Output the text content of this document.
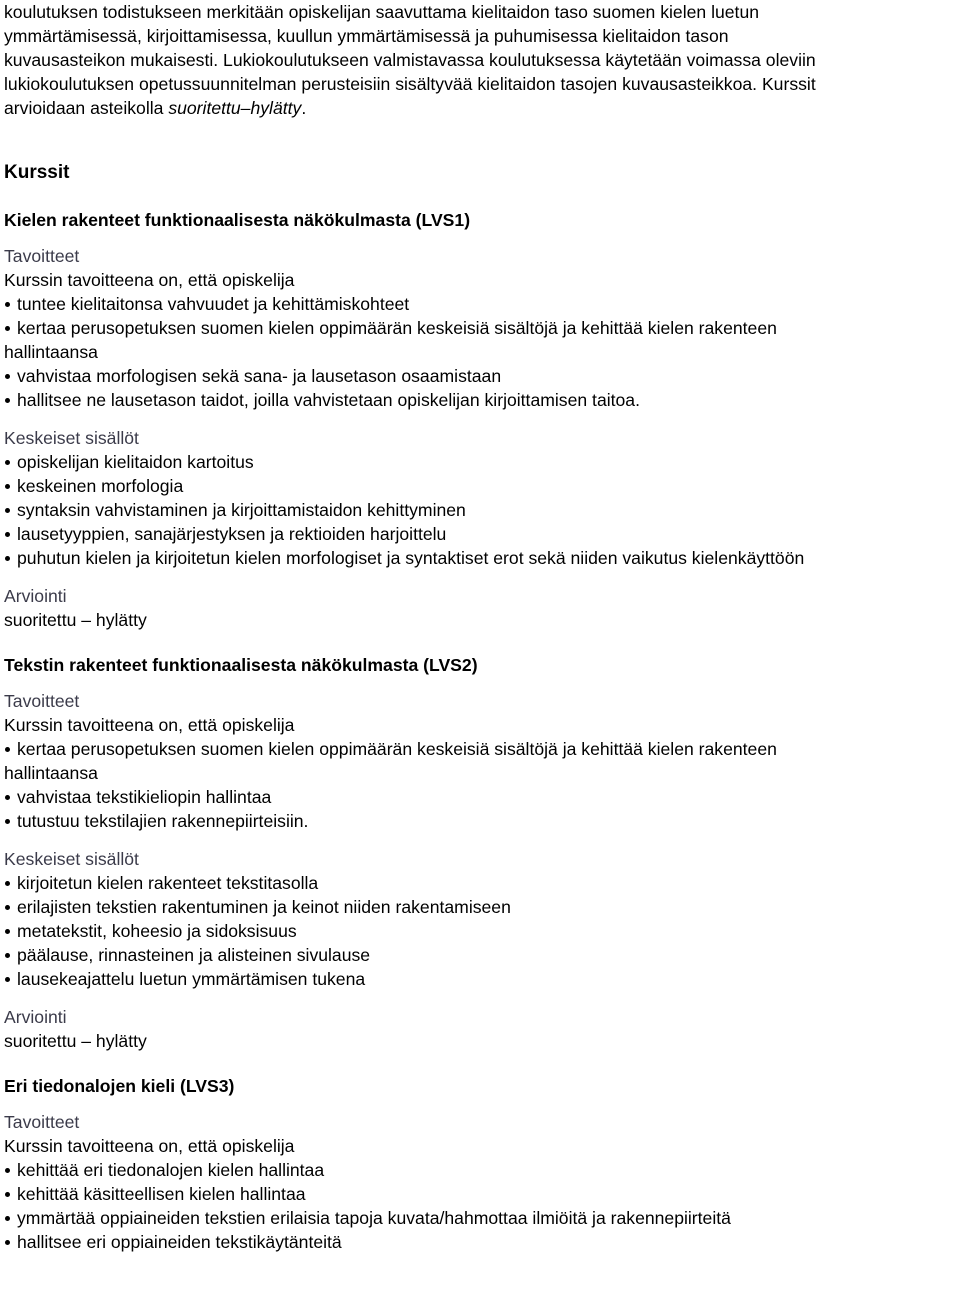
koulutuksen todistukseen merkitään opiskelijan saavuttama kielitaidon taso suomen kielen luetun
ymmärtämisessä, kirjoittamisessa, kuullun ymmärtämisessä ja puhumisessa kielitaidon tason
kuvausasteikon mukaisesti. Lukiokoulutukseen valmistavassa koulutuksessa käytetään voimassa oleviin
lukiokoulutuksen opetussuunnitelman perusteisiin sisältyvää kielitaidon tasojen kuvausasteikkoa. Kurssit
arvioidaan asteikolla suoritettu–hylätty.
Kurssit
Kielen rakenteet funktionaalisesta näkökulmasta (LVS1)

Tavoitteet

Kurssin tavoitteena on, että opiskelija

tuntee kielitaitonsa vahvuudet ja kehittämiskohteet
kertaa perusopetuksen suomen kielen oppimäärän keskeisiä sisältöjä ja kehittää kielen rakenteen
hallintaansa
vahvistaa morfologisen sekä sana- ja lausetason osaamistaan
hallitsee ne lausetason taidot, joilla vahvistetaan opiskelijan kirjoittamisen taitoa.

Keskeiset sisällöt

opiskelijan kielitaidon kartoitus
keskeinen morfologia
syntaksin vahvistaminen ja kirjoittamistaidon kehittyminen
lausetyyppien, sanajärjestyksen ja rektioiden harjoittelu
puhutun kielen ja kirjoitetun kielen morfologiset ja syntaktiset erot sekä niiden vaikutus kielenkäyttöön

Arviointi

suoritettu – hylätty

Tekstin rakenteet funktionaalisesta näkökulmasta (LVS2)

Tavoitteet

Kurssin tavoitteena on, että opiskelija

kertaa perusopetuksen suomen kielen oppimäärän keskeisiä sisältöjä ja kehittää kielen rakenteen
hallintaansa
vahvistaa tekstikieliopin hallintaa
tutustuu tekstilajien rakennepiirteisiin.

Keskeiset sisällöt

kirjoitetun kielen rakenteet tekstitasolla
erilajisten tekstien rakentuminen ja keinot niiden rakentamiseen
metatekstit, koheesio ja sidoksisuus
päälause, rinnasteinen ja alisteinen sivulause
lausekeajattelu luetun ymmärtämisen tukena

Arviointi

suoritettu – hylätty

Eri tiedonalojen kieli (LVS3)

Tavoitteet

Kurssin tavoitteena on, että opiskelija

kehittää eri tiedonalojen kielen hallintaa
kehittää käsitteellisen kielen hallintaa
ymmärtää oppiaineiden tekstien erilaisia tapoja kuvata/hahmottaa ilmiöitä ja rakennepiirteitä
hallitsee eri oppiaineiden tekstikäytänteitä
